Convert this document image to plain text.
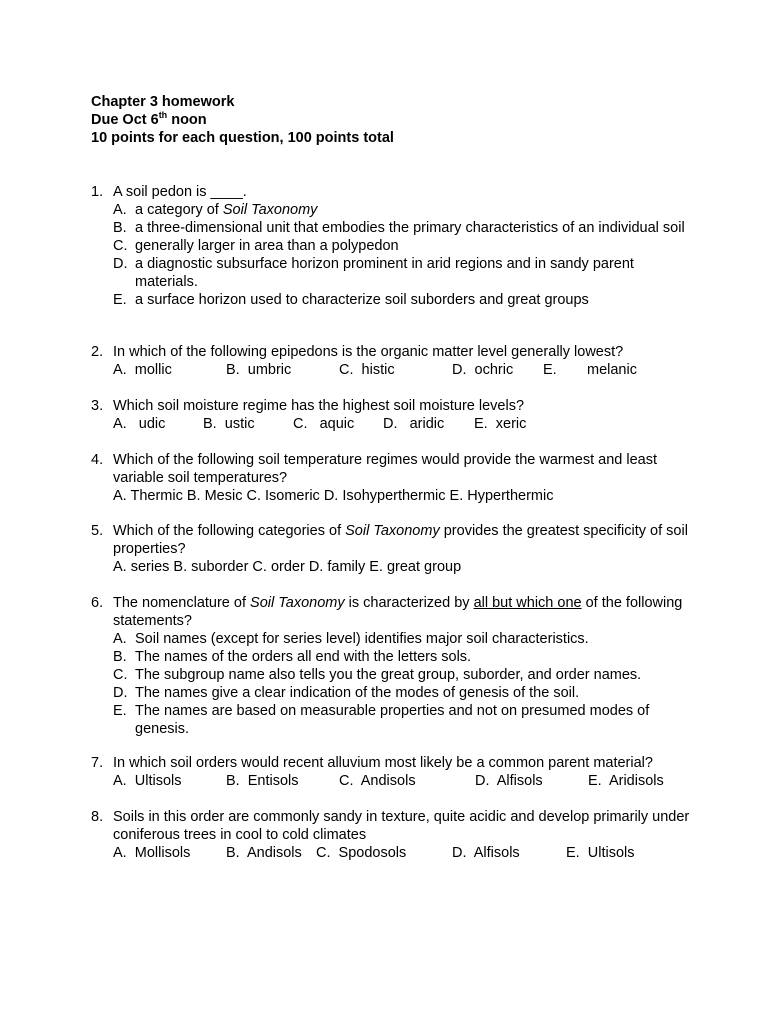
Chapter 3 homework
Due Oct 6th noon
10 points for each question, 100 points total
1. A soil pedon is ____.
A. a category of Soil Taxonomy
B. a three-dimensional unit that embodies the primary characteristics of an individual soil
C. generally larger in area than a polypedon
D. a diagnostic subsurface horizon prominent in arid regions and in sandy parent materials.
E. a surface horizon used to characterize soil suborders and great groups
2. In which of the following epipedons is the organic matter level generally lowest?
A.  mollic	B.  umbric	C.  histic	D.  ochric E. melanic
3. Which soil moisture regime has the highest soil moisture levels?
A.   udic	B.  ustic	C.   aquic D.   aridic E.  xeric
4. Which of the following soil temperature regimes would provide the warmest and least variable soil temperatures?
A. Thermic B. Mesic C. Isomeric D. Isohyperthermic E. Hyperthermic
5. Which of the following categories of Soil Taxonomy provides the greatest specificity of soil properties?
A. series B. suborder C. order D. family E. great group
6. The nomenclature of Soil Taxonomy is characterized by all but which one of the following statements?
A. Soil names (except for series level) identifies major soil characteristics.
B. The names of the orders all end with the letters sols.
C. The subgroup name also tells you the great group, suborder, and order names.
D. The names give a clear indication of the modes of genesis of the soil.
E. The names are based on measurable properties and not on presumed modes of genesis.
7. In which soil orders would recent alluvium most likely be a common parent material?
A.  Ultisols	B.  Entisols	C.  Andisols	D.  Alfisols	E.  Aridisols
8. Soils in this order are commonly sandy in texture, quite acidic and develop primarily under coniferous trees in cool to cold climates
A.  Mollisols B.  Andisols C.  Spodosols	D.  Alfisols	E.  Ultisols
